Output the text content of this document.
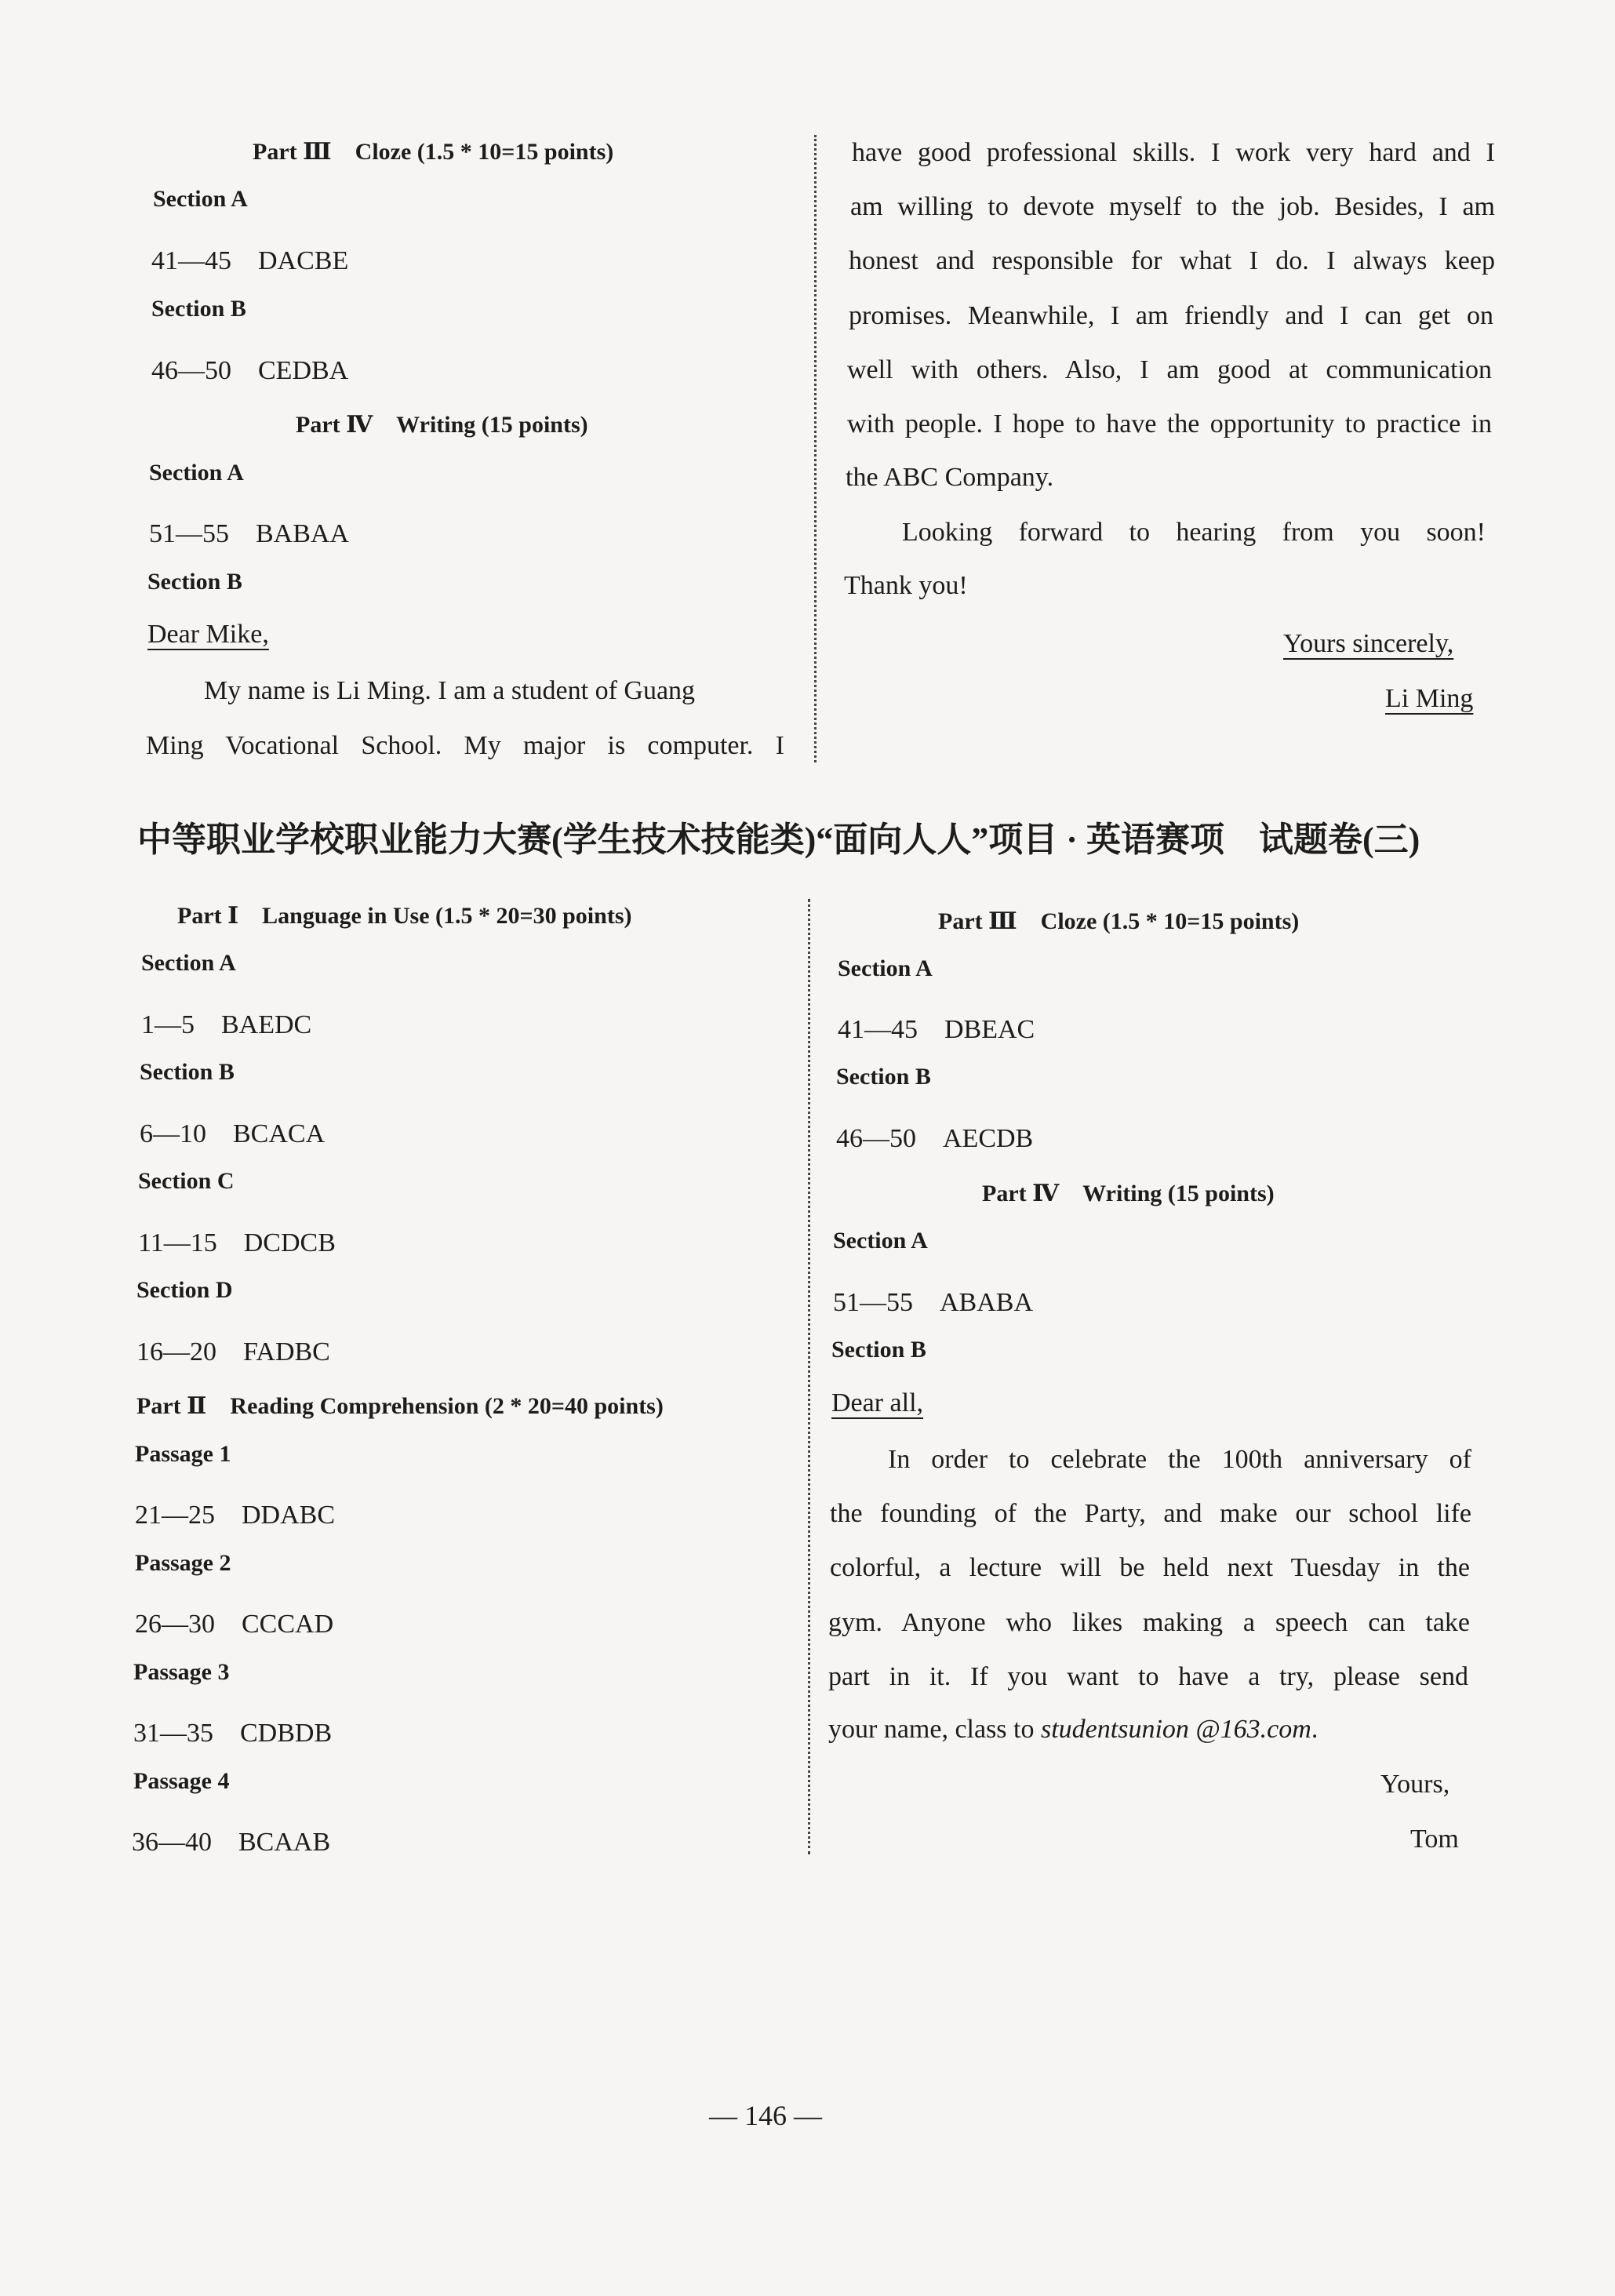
Part Ⅲ　Cloze (1.5 * 10=15 points)
Section A
41—45　DACBE
Section B
46—50　CEDBA
Part Ⅳ　Writing (15 points)
Section A
51—55　BABAA
Section B
Dear Mike,
My name is Li Ming. I am a student of Guang
Ming Vocational School. My major is computer. I
have good professional skills. I work very hard and I
am willing to devote myself to the job. Besides, I am
honest and responsible for what I do. I always keep
promises. Meanwhile, I am friendly and I can get on
well with others. Also, I am good at communication
with people. I hope to have the opportunity to practice in
the ABC Company.
Looking forward to hearing from you soon!
Thank you!
Yours sincerely,
Li Ming
中等职业学校职业能力大赛(学生技术技能类)“面向人人”项目 · 英语赛项　试题卷(三)
Part Ⅰ　Language in Use (1.5 * 20=30 points)
Section A
1—5　BAEDC
Section B
6—10　BCACA
Section C
11—15　DCDCB
Section D
16—20　FADBC
Part Ⅱ　Reading Comprehension (2 * 20=40 points)
Passage 1
21—25　DDABC
Passage 2
26—30　CCCAD
Passage 3
31—35　CDBDB
Passage 4
36—40　BCAAB
Part Ⅲ　Cloze (1.5 * 10=15 points)
Section A
41—45　DBEAC
Section B
46—50　AECDB
Part Ⅳ　Writing (15 points)
Section A
51—55　ABABA
Section B
Dear all,
In order to celebrate the 100th anniversary of
the founding of the Party, and make our school life
colorful, a lecture will be held next Tuesday in the
gym. Anyone who likes making a speech can take
part in it. If you want to have a try, please send
your name, class to studentsunion @163.com.
Yours,
Tom
— 146 —
